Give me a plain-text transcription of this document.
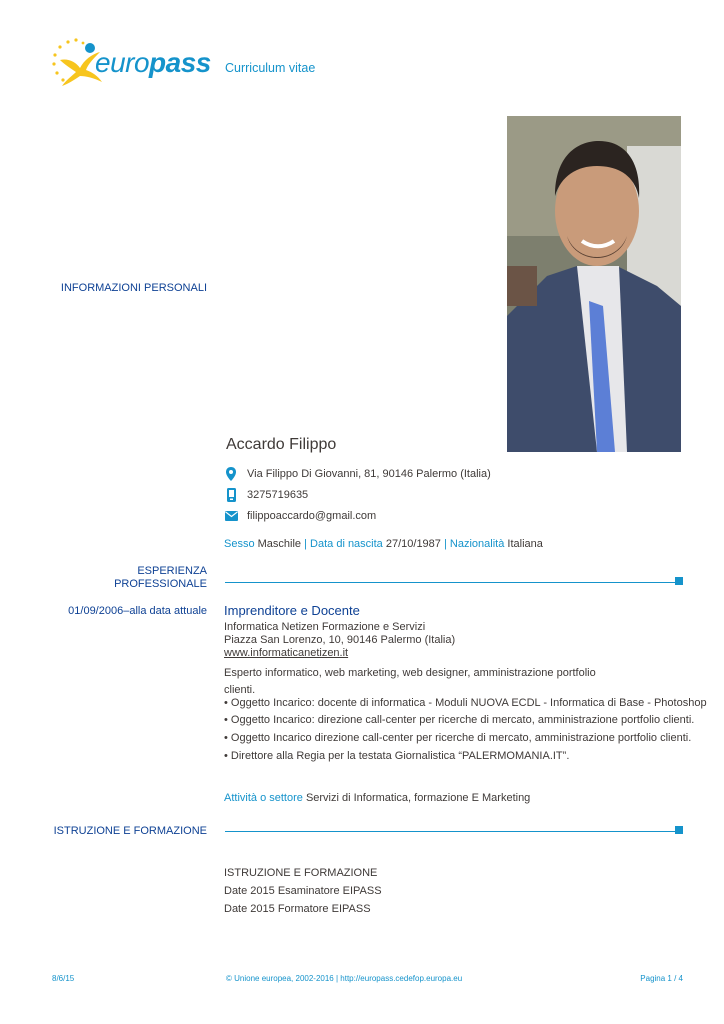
europass Curriculum vitae
INFORMAZIONI PERSONALI
Accardo Filippo
Via Filippo Di Giovanni, 81, 90146 Palermo (Italia)
3275719635
filippoaccardo@gmail.com
Sesso Maschile | Data di nascita 27/10/1987 | Nazionalità Italiana
ESPERIENZA
PROFESSIONALE
01/09/2006–alla data attuale Imprenditore e Docente
Informatica Netizen Formazione e Servizi
Piazza San Lorenzo, 10, 90146 Palermo (Italia)
www.informaticanetizen.it
Esperto informatico, web marketing, web designer, amministrazione portfolio
clienti.
• Oggetto Incarico: docente di informatica - Moduli NUOVA ECDL - Informatica di Base - Photoshop
• Oggetto Incarico: direzione call-center per ricerche di mercato, amministrazione portfolio clienti.
• Oggetto Incarico direzione call-center per ricerche di mercato, amministrazione portfolio clienti.
• Direttore alla Regia per la testata Giornalistica “PALERMOMANIA.IT”.
Attività o settore Servizi di Informatica, formazione E Marketing
ISTRUZIONE E FORMAZIONE
ISTRUZIONE E FORMAZIONE
Date 2015 Esaminatore EIPASS
Date 2015 Formatore EIPASS
8/6/15	© Unione europea, 2002-2016 | http://europass.cedefop.europa.eu	Pagina 1 / 4
